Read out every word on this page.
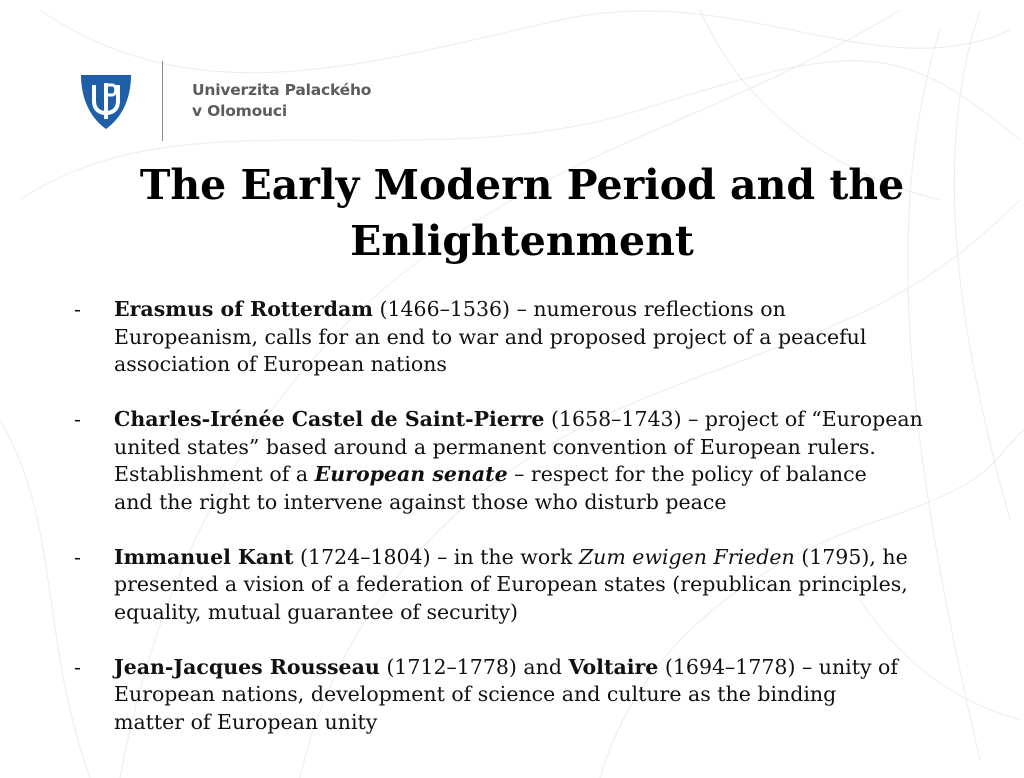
Univerzita Palackého
v Olomouci
The Early Modern Period and the
Enlightenment
- Erasmus of Rotterdam (1466–1536) – numerous reflections on
Europeanism, calls for an end to war and proposed project of a peaceful
association of European nations
- Charles-Irénée Castel de Saint-Pierre (1658–1743) – project of “European
united states” based around a permanent convention of European rulers.
Establishment of a European senate – respect for the policy of balance
and the right to intervene against those who disturb peace
- Immanuel Kant (1724–1804) – in the work Zum ewigen Frieden (1795), he
presented a vision of a federation of European states (republican principles,
equality, mutual guarantee of security)
- Jean-Jacques Rousseau (1712–1778) and Voltaire (1694–1778) – unity of
European nations, development of science and culture as the binding
matter of European unity
